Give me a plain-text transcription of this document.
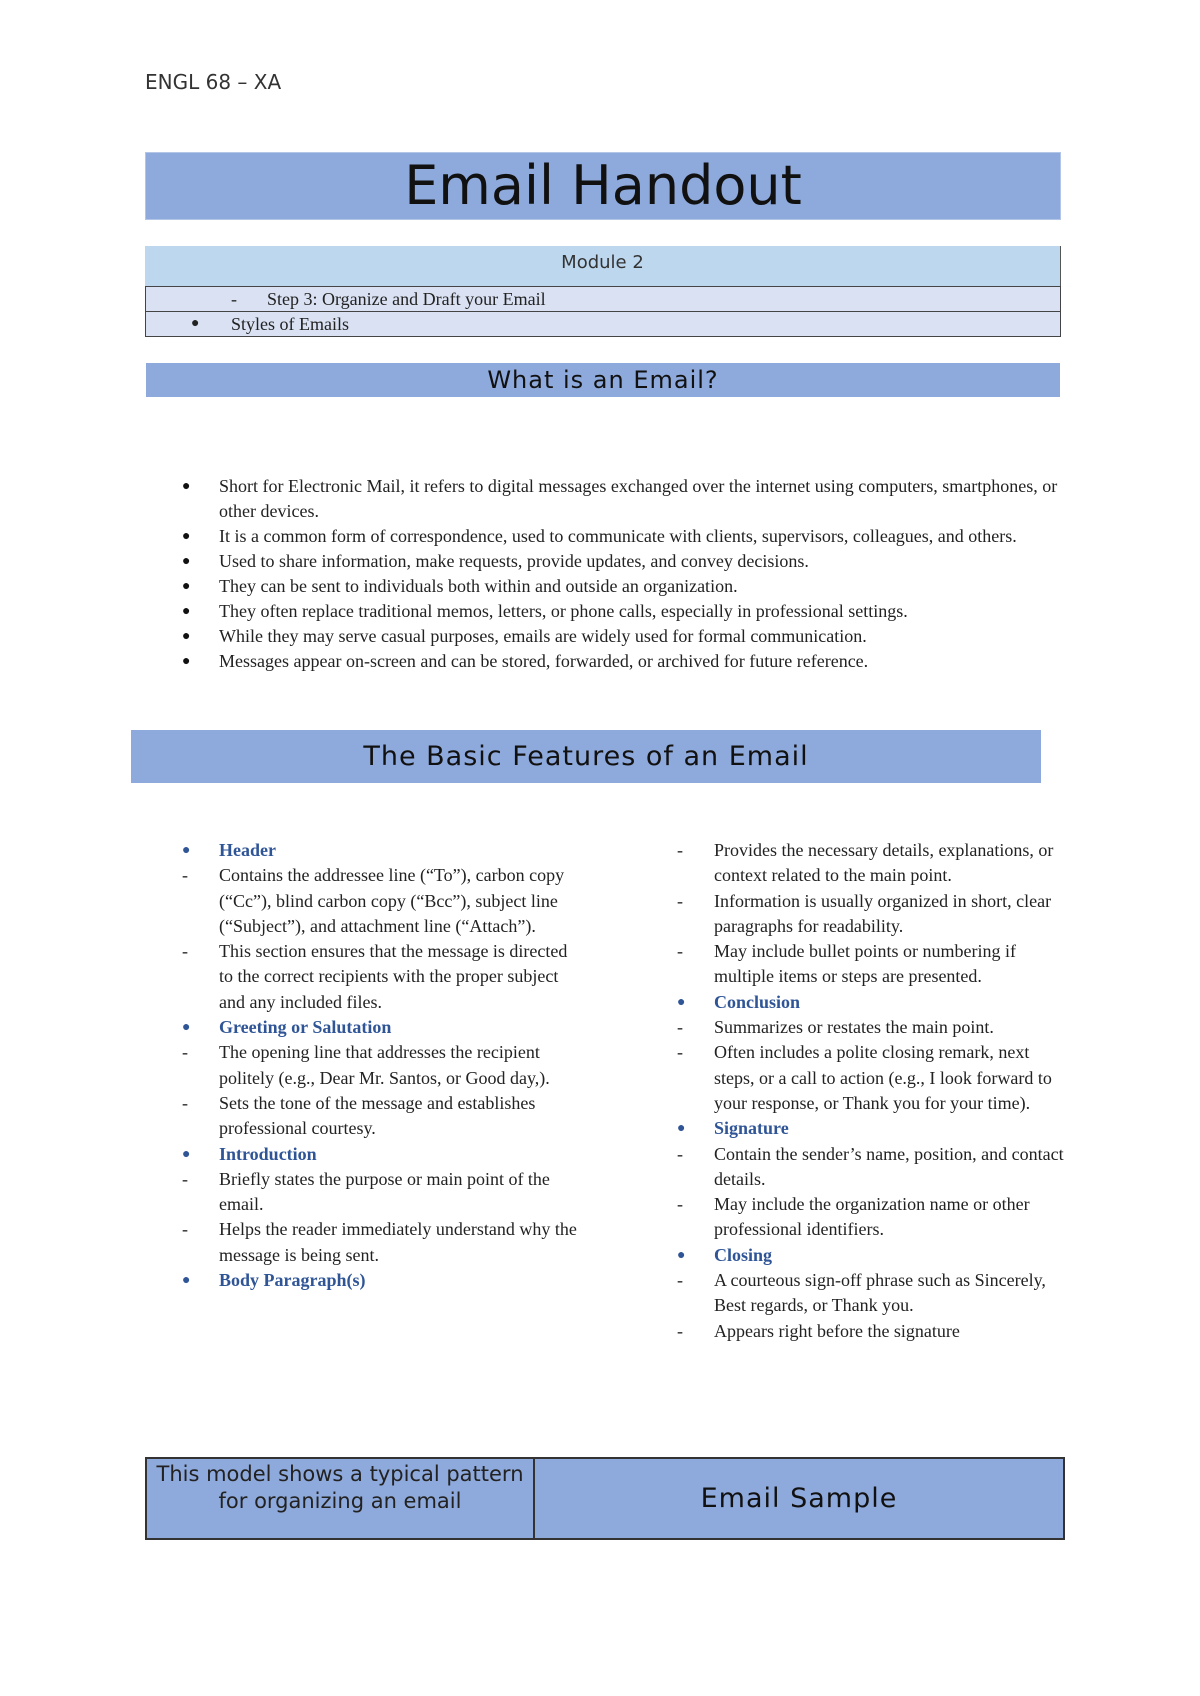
ENGL 68 – XA
Email Handout
Module 2
- Step 3: Organize and Draft your Email
● Styles of Emails
What is an Email?
● Short for Electronic Mail, it refers to digital messages exchanged over the internet using computers, smartphones, or other devices.
● It is a common form of correspondence, used to communicate with clients, supervisors, colleagues, and others.
● Used to share information, make requests, provide updates, and convey decisions.
● They can be sent to individuals both within and outside an organization.
● They often replace traditional memos, letters, or phone calls, especially in professional settings.
● While they may serve casual purposes, emails are widely used for formal communication.
● Messages appear on-screen and can be stored, forwarded, or archived for future reference.
The Basic Features of an Email
● Header
- Contains the addressee line (“To”), carbon copy (“Cc”), blind carbon copy (“Bcc”), subject line (“Subject”), and attachment line (“Attach”).
- This section ensures that the message is directed to the correct recipients with the proper subject and any included files.
● Greeting or Salutation
- The opening line that addresses the recipient politely (e.g., Dear Mr. Santos, or Good day,).
- Sets the tone of the message and establishes professional courtesy.
● Introduction
- Briefly states the purpose or main point of the email.
- Helps the reader immediately understand why the message is being sent.
● Body Paragraph(s)
- Provides the necessary details, explanations, or context related to the main point.
- Information is usually organized in short, clear paragraphs for readability.
- May include bullet points or numbering if multiple items or steps are presented.
● Conclusion
- Summarizes or restates the main point.
- Often includes a polite closing remark, next steps, or a call to action (e.g., I look forward to your response, or Thank you for your time).
● Signature
- Contain the sender’s name, position, and contact details.
- May include the organization name or other professional identifiers.
● Closing
- A courteous sign-off phrase such as Sincerely, Best regards, or Thank you.
- Appears right before the signature
This model shows a typical pattern for organizing an email	Email Sample
